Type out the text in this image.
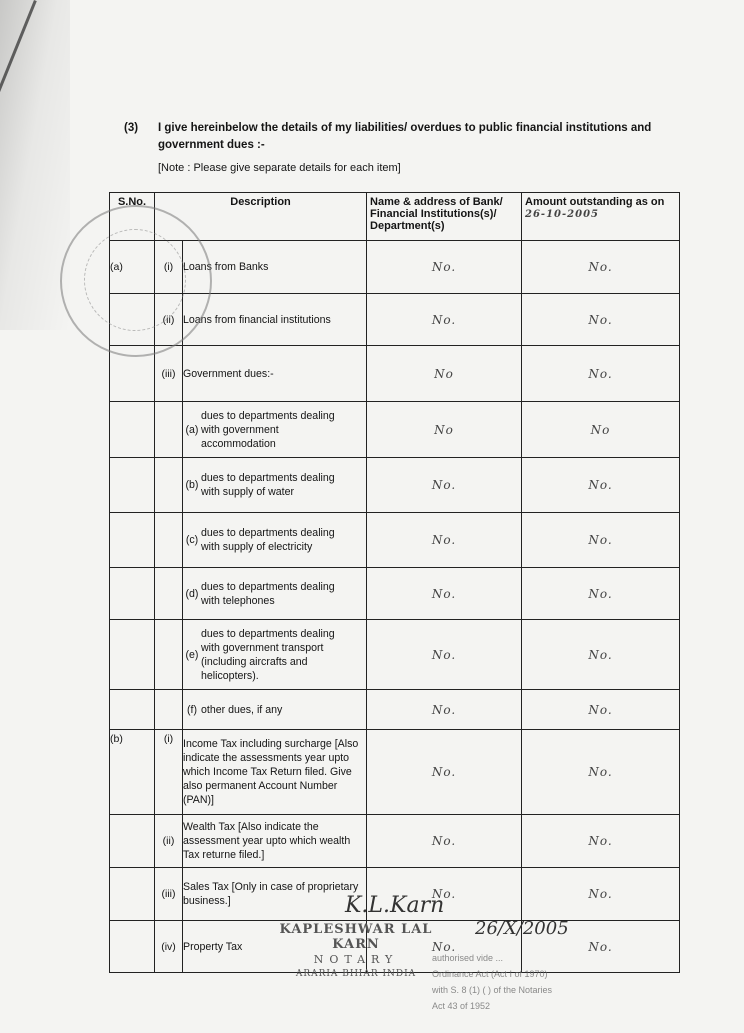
(3) I give hereinbelow the details of my liabilities/ overdues to public financial institutions and government dues :-
[Note : Please give separate details for each item]
S.No.	Description		Name & address of Bank/ Financial Institutions(s)/ Department(s)	Amount outstanding as on 26-10-2005
(a)	(i)	Loans from Banks	No.	No.
	(ii)	Loans from financial institutions	No.	No.
	(iii)	Government dues:-	No	No.
		(a)dues to departments dealing with government accommodation	No	No
		(b)dues to departments dealing with supply of water	No.	No.
		(c)dues to departments dealing with supply of electricity	No.	No.
		(d)dues to departments dealing with telephones	No.	No.
		(e)dues to departments dealing with government transport (including aircrafts and helicopters).	No.	No.
		(f) other dues, if any	No.	No.
(b)	(i)	Income Tax including surcharge [Also indicate the assessments year upto which Income Tax Return filed. Give also permanent Account Number (PAN)]	No.	No.
	(ii)	Wealth Tax [Also indicate the assessment year upto which wealth Tax returne filed.]	No.	No.
	(iii)	Sales Tax [Only in case of proprietary business.]	No.	No.
	(iv)	Property Tax	No.	No.
K.L.Karn
26/X/2005
KAPLESHWAR LAL KARN
NOTARY
ARARIA BIHAR INDIA
authorised vide ...
Ordinance Act (Act I of 1970)
with S. 8 (1) ( ) of the Notaries
Act 43 of 1952
